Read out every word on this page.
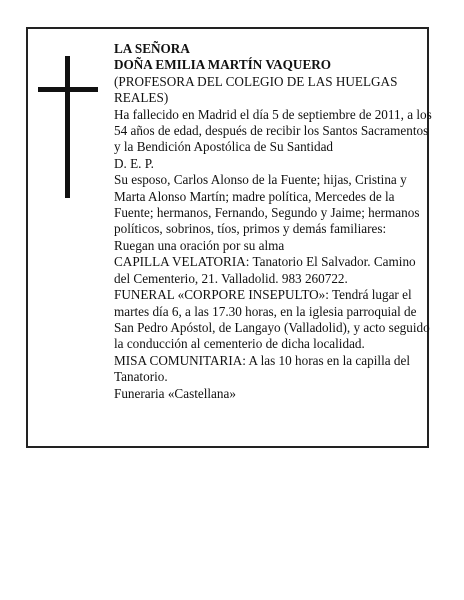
LA SEÑORA

DOÑA EMILIA MARTÍN VAQUERO

(PROFESORA DEL COLEGIO DE LAS HUELGAS REALES)

Ha fallecido en Madrid el día 5 de septiembre de 2011, a los 54 años de edad, después de recibir los Santos Sacramentos y la Bendición Apostólica de Su Santidad

D. E. P.

Su esposo, Carlos Alonso de la Fuente; hijas, Cristina y Marta Alonso Martín; madre política, Mercedes de la Fuente; hermanos, Fernando, Segundo y Jaime; hermanos políticos, sobrinos, tíos, primos y demás familiares:

Ruegan una oración por su alma

CAPILLA VELATORIA: Tanatorio El Salvador. Camino del Cementerio, 21. Valladolid. 983 260722.

FUNERAL «CORPORE INSEPULTO»: Tendrá lugar el martes día 6, a las 17.30 horas, en la iglesia parroquial de San Pedro Apóstol, de Langayo (Valladolid), y acto seguido la conducción al cementerio de dicha localidad.

MISA COMUNITARIA: A las 10 horas en la capilla del Tanatorio.

Funeraria «Castellana»
